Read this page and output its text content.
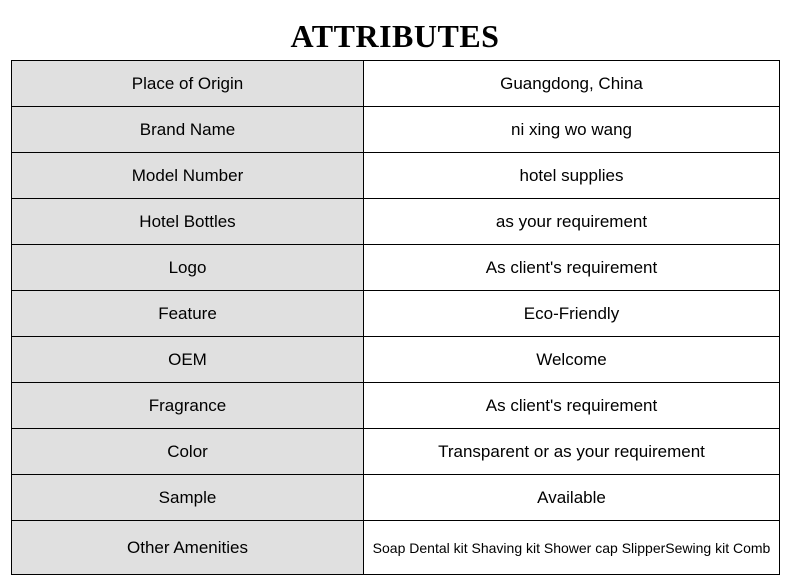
ATTRIBUTES
Place of Origin	Guangdong, China
Brand Name	ni xing wo wang
Model Number	hotel supplies
Hotel Bottles	as your requirement
Logo	As client's requirement
Feature	Eco-Friendly
OEM	Welcome
Fragrance	As client's requirement
Color	Transparent or as your requirement
Sample	Available
Other Amenities	Soap Dental kit Shaving kit Shower cap SlipperSewing kit Comb
